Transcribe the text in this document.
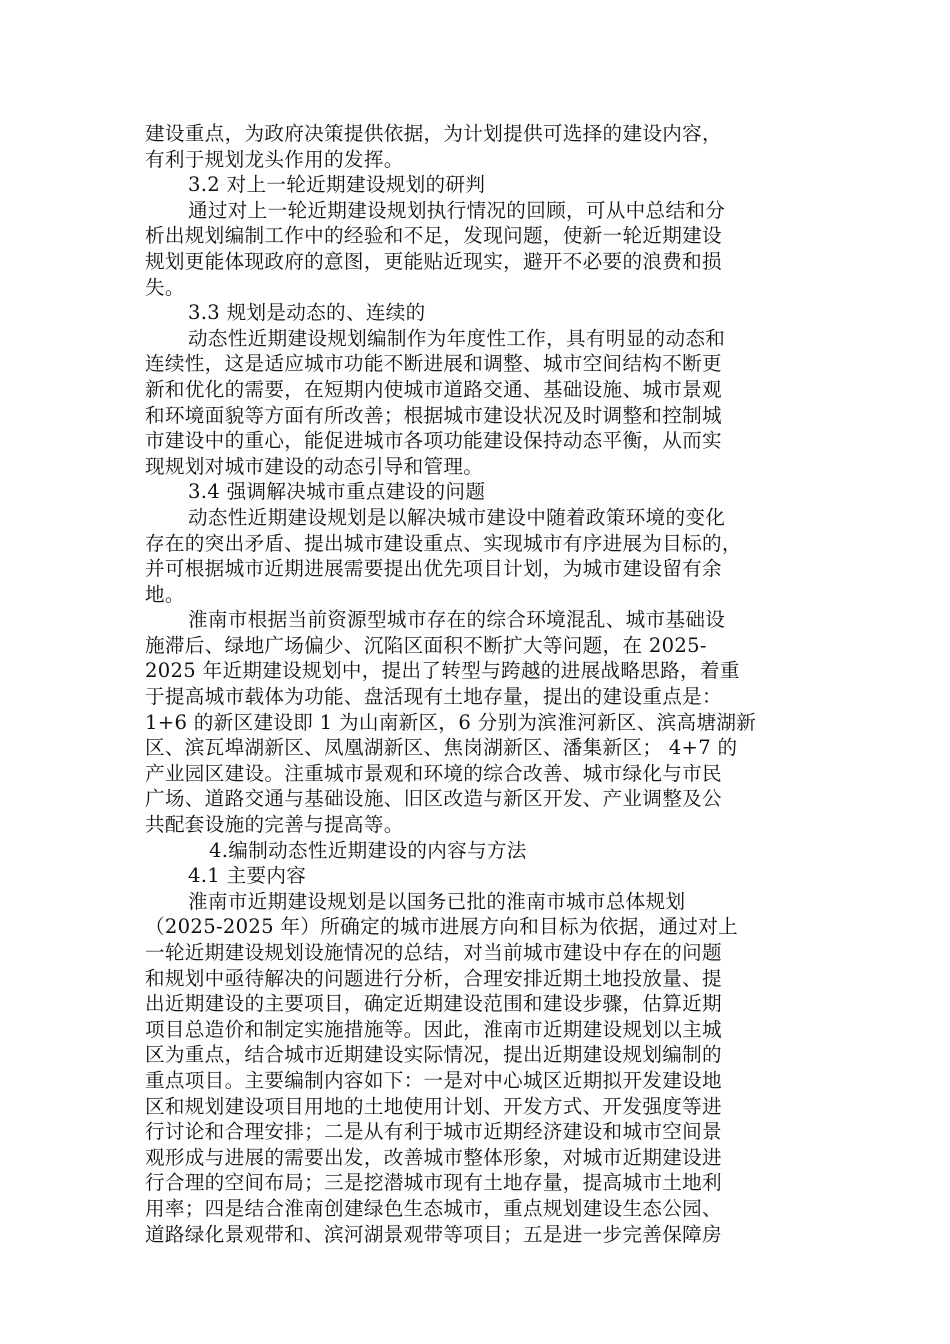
建设重点，为政府决策提供依据，为计划提供可选择的建设内容，
有利于规划龙头作用的发挥。
3.2 对上一轮近期建设规划的研判
通过对上一轮近期建设规划执行情况的回顾，可从中总结和分
析出规划编制工作中的经验和不足，发现问题，使新一轮近期建设
规划更能体现政府的意图，更能贴近现实，避开不必要的浪费和损
失。
3.3 规划是动态的、连续的
动态性近期建设规划编制作为年度性工作，具有明显的动态和
连续性，这是适应城市功能不断进展和调整、城市空间结构不断更
新和优化的需要，在短期内使城市道路交通、基础设施、城市景观
和环境面貌等方面有所改善；根据城市建设状况及时调整和控制城
市建设中的重心，能促进城市各项功能建设保持动态平衡，从而实
现规划对城市建设的动态引导和管理。
3.4 强调解决城市重点建设的问题
动态性近期建设规划是以解决城市建设中随着政策环境的变化
存在的突出矛盾、提出城市建设重点、实现城市有序进展为目标的，
并可根据城市近期进展需要提出优先项目计划，为城市建设留有余
地。
淮南市根据当前资源型城市存在的综合环境混乱、城市基础设
施滞后、绿地广场偏少、沉陷区面积不断扩大等问题，在 2025-
2025 年近期建设规划中，提出了转型与跨越的进展战略思路，着重
于提高城市载体为功能、盘活现有土地存量，提出的建设重点是：
1+6 的新区建设即 1 为山南新区，6 分别为滨淮河新区、滨高塘湖新
区、滨瓦埠湖新区、凤凰湖新区、焦岗湖新区、潘集新区； 4+7 的
产业园区建设。注重城市景观和环境的综合改善、城市绿化与市民
广场、道路交通与基础设施、旧区改造与新区开发、产业调整及公
共配套设施的完善与提高等。
4.编制动态性近期建设的内容与方法
4.1 主要内容
淮南市近期建设规划是以国务已批的淮南市城市总体规划
（2025-2025 年）所确定的城市进展方向和目标为依据，通过对上
一轮近期建设规划设施情况的总结，对当前城市建设中存在的问题
和规划中亟待解决的问题进行分析，合理安排近期土地投放量、提
出近期建设的主要项目，确定近期建设范围和建设步骤，估算近期
项目总造价和制定实施措施等。因此，淮南市近期建设规划以主城
区为重点，结合城市近期建设实际情况，提出近期建设规划编制的
重点项目。主要编制内容如下：一是对中心城区近期拟开发建设地
区和规划建设项目用地的土地使用计划、开发方式、开发强度等进
行讨论和合理安排；二是从有利于城市近期经济建设和城市空间景
观形成与进展的需要出发，改善城市整体形象，对城市近期建设进
行合理的空间布局；三是挖潜城市现有土地存量，提高城市土地利
用率；四是结合淮南创建绿色生态城市，重点规划建设生态公园、
道路绿化景观带和、滨河湖景观带等项目；五是进一步完善保障房
